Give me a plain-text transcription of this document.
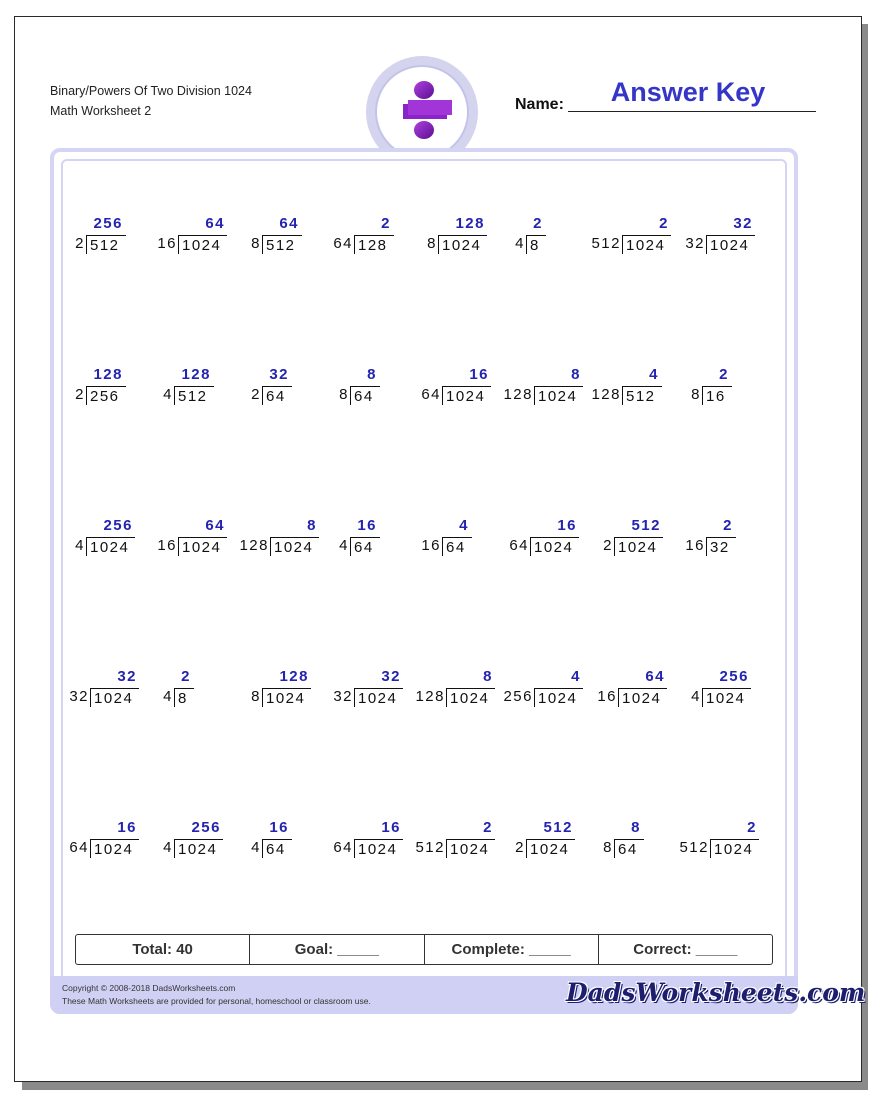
Binary/Powers Of Two Division 1024
Math Worksheet 2	Name:	Answer Key
256
2 512
64
16 1024
64
8 512
2
64 128
128
8 1024
2
4 8
2
512 1024
32
32 1024
128
2 256
128
4 512
32
2 64
8
8 64
16
64 1024
8
128 1024
4
128 512
2
8 16
256
4 1024
64
16 1024
8
128 1024
16
4 64
4
16 64
16
64 1024
512
2 1024
2
16 32
32
32 1024
2
4 8
128
8 1024
32
32 1024
8
128 1024
4
256 1024
64
16 1024
256
4 1024
16
64 1024
256
4 1024
16
4 64
16
64 1024
2
512 1024
512
2 1024
8
8 64
2
512 1024
Total: 40	Goal: _____	Complete: _____	Correct: _____
Copyright © 2008-2018 DadsWorksheets.com
These Math Worksheets are provided for personal, homeschool or classroom use.	DadsWorksheets.com
